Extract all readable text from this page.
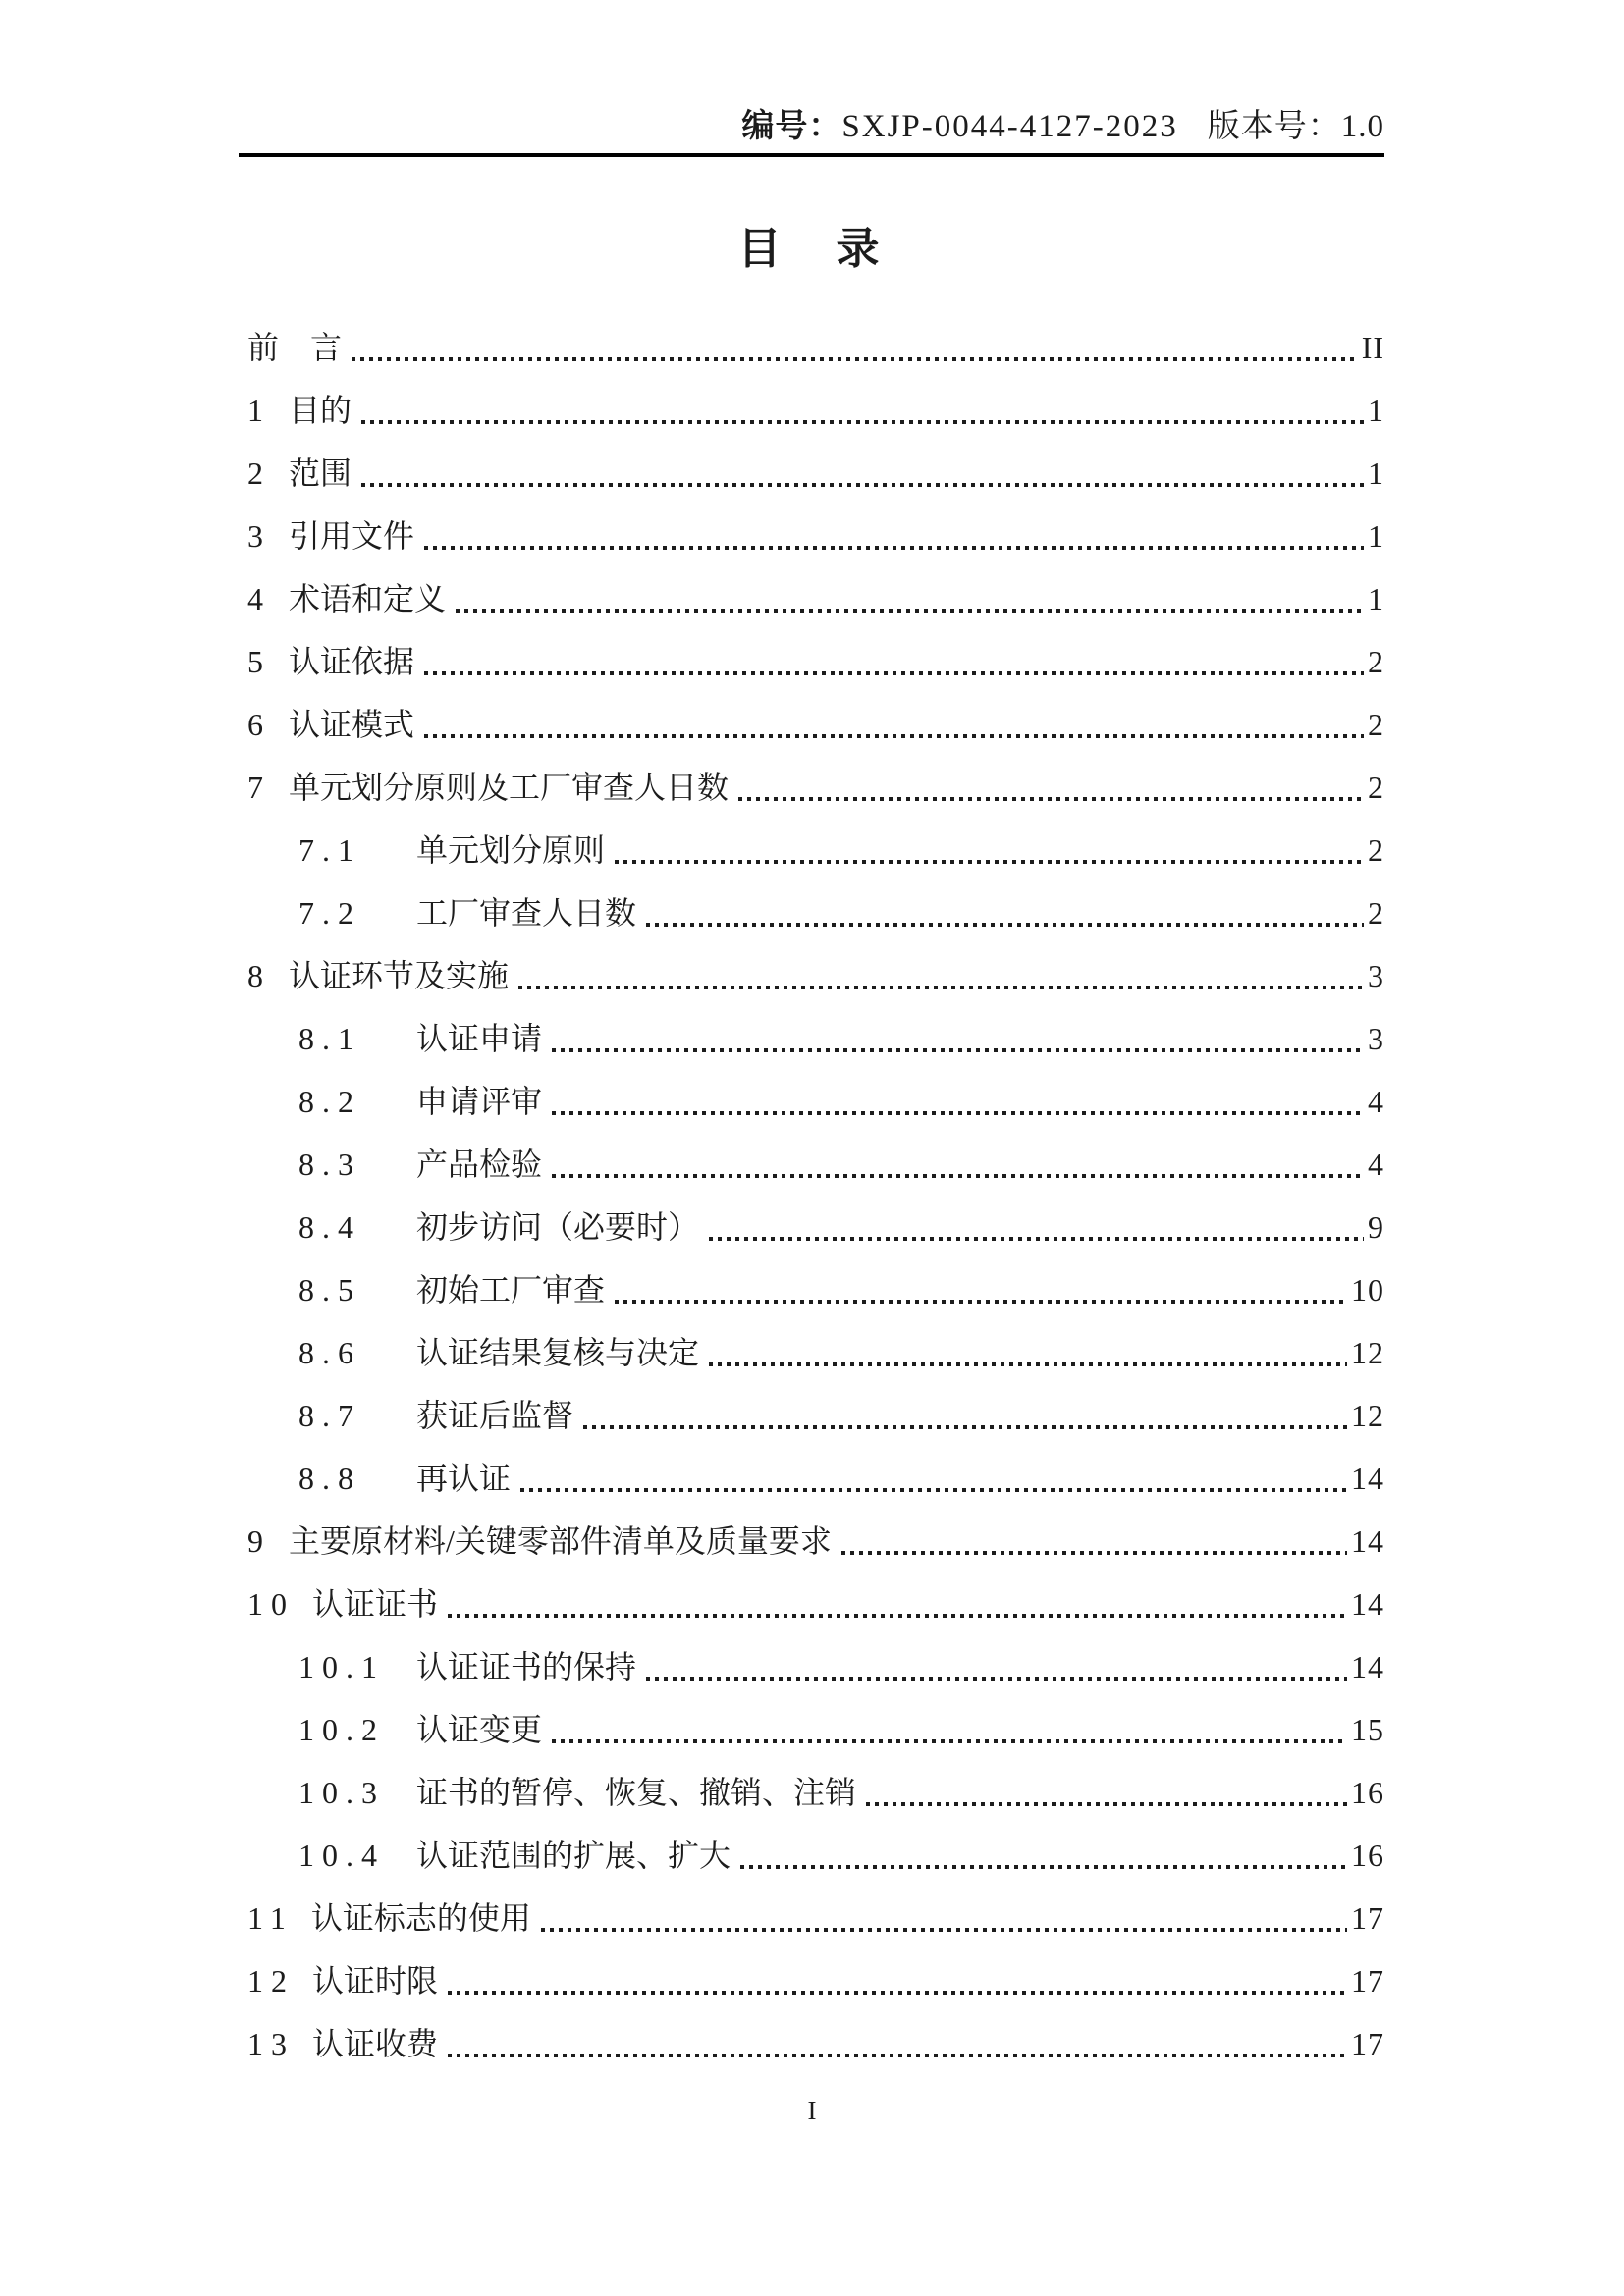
编号：SXJP-0044-4127-2023 版本号：1.0
目　录
前　言	II
1 目的	1
2 范围	1
3 引用文件	1
4 术语和定义	1
5 认证依据	2
6 认证模式	2
7 单元划分原则及工厂审查人日数	2
7.1	单元划分原则	2
7.2	工厂审查人日数	2
8 认证环节及实施	3
8.1	认证申请	3
8.2	申请评审	4
8.3	产品检验	4
8.4	初步访问（必要时）	9
8.5	初始工厂审查	10
8.6	认证结果复核与决定	12
8.7	获证后监督	12
8.8	再认证	14
9 主要原材料/关键零部件清单及质量要求	14
10 认证证书	14
10.1	认证证书的保持	14
10.2	认证变更	15
10.3	证书的暂停、恢复、撤销、注销	16
10.4	认证范围的扩展、扩大	16
11 认证标志的使用	17
12 认证时限	17
13 认证收费	17
I
